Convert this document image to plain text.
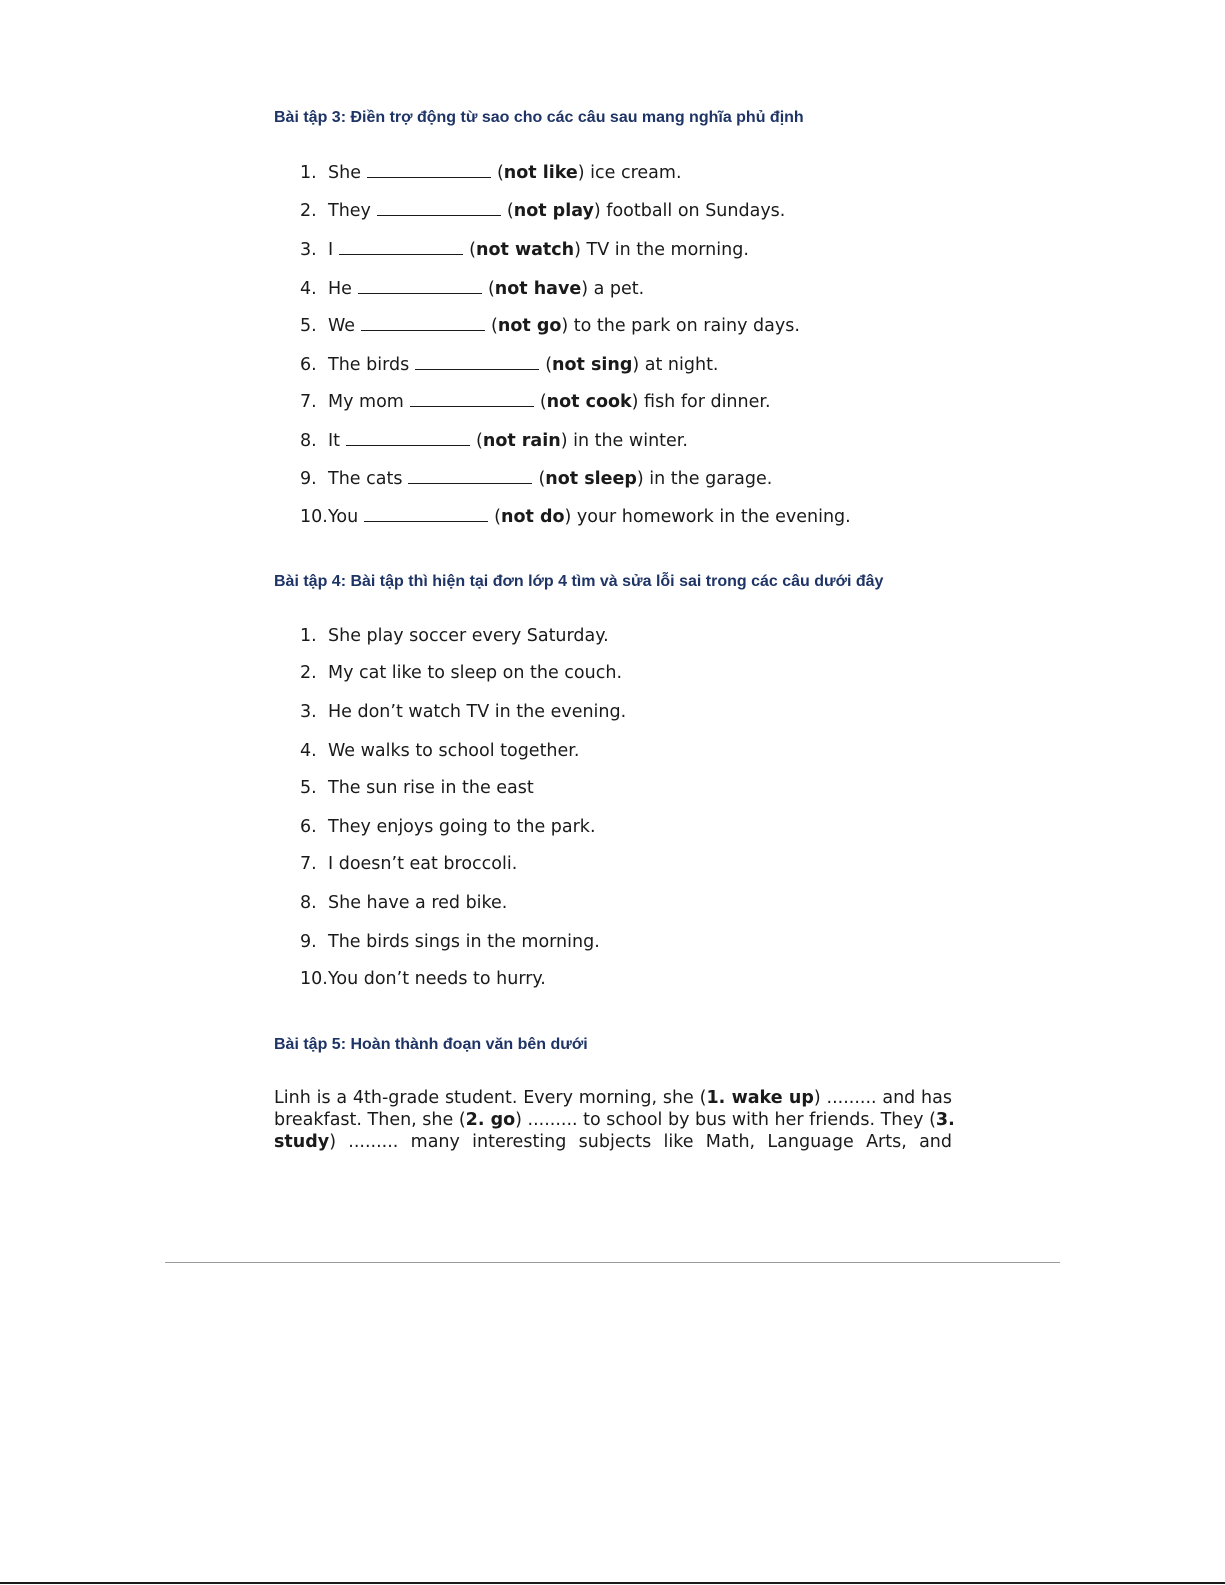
Bài tập 3: Điền trợ động từ sao cho các câu sau mang nghĩa phủ định
1. She	(not like) ice cream.
2. They	(not play) football on Sundays.
3. I	(not watch) TV in the morning.
4. He	(not have) a pet.
5. We	(not go) to the park on rainy days.
6. The birds	(not sing) at night.
7. My mom	(not cook) fish for dinner.
8. It	(not rain) in the winter.
9. The cats	(not sleep) in the garage.
10.You	(not do) your homework in the evening.
Bài tập 4: Bài tập thì hiện tại đơn lớp 4 tìm và sửa lỗi sai trong các câu dưới đây
1. She play soccer every Saturday.
2. My cat like to sleep on the couch.
3. He don’t watch TV in the evening.
4. We walks to school together.
5. The sun rise in the east
6. They enjoys going to the park.
7. I doesn’t eat broccoli.
8. She have a red bike.
9. The birds sings in the morning.
10.You don’t needs to hurry.
Bài tập 5: Hoàn thành đoạn văn bên dưới
Linh is a 4th-grade student. Every morning, she (1. wake up) ......... and has
breakfast. Then, she (2. go) ......... to school by bus with her friends. They (3.
study) ......... many interesting subjects like Math, Language Arts, and
